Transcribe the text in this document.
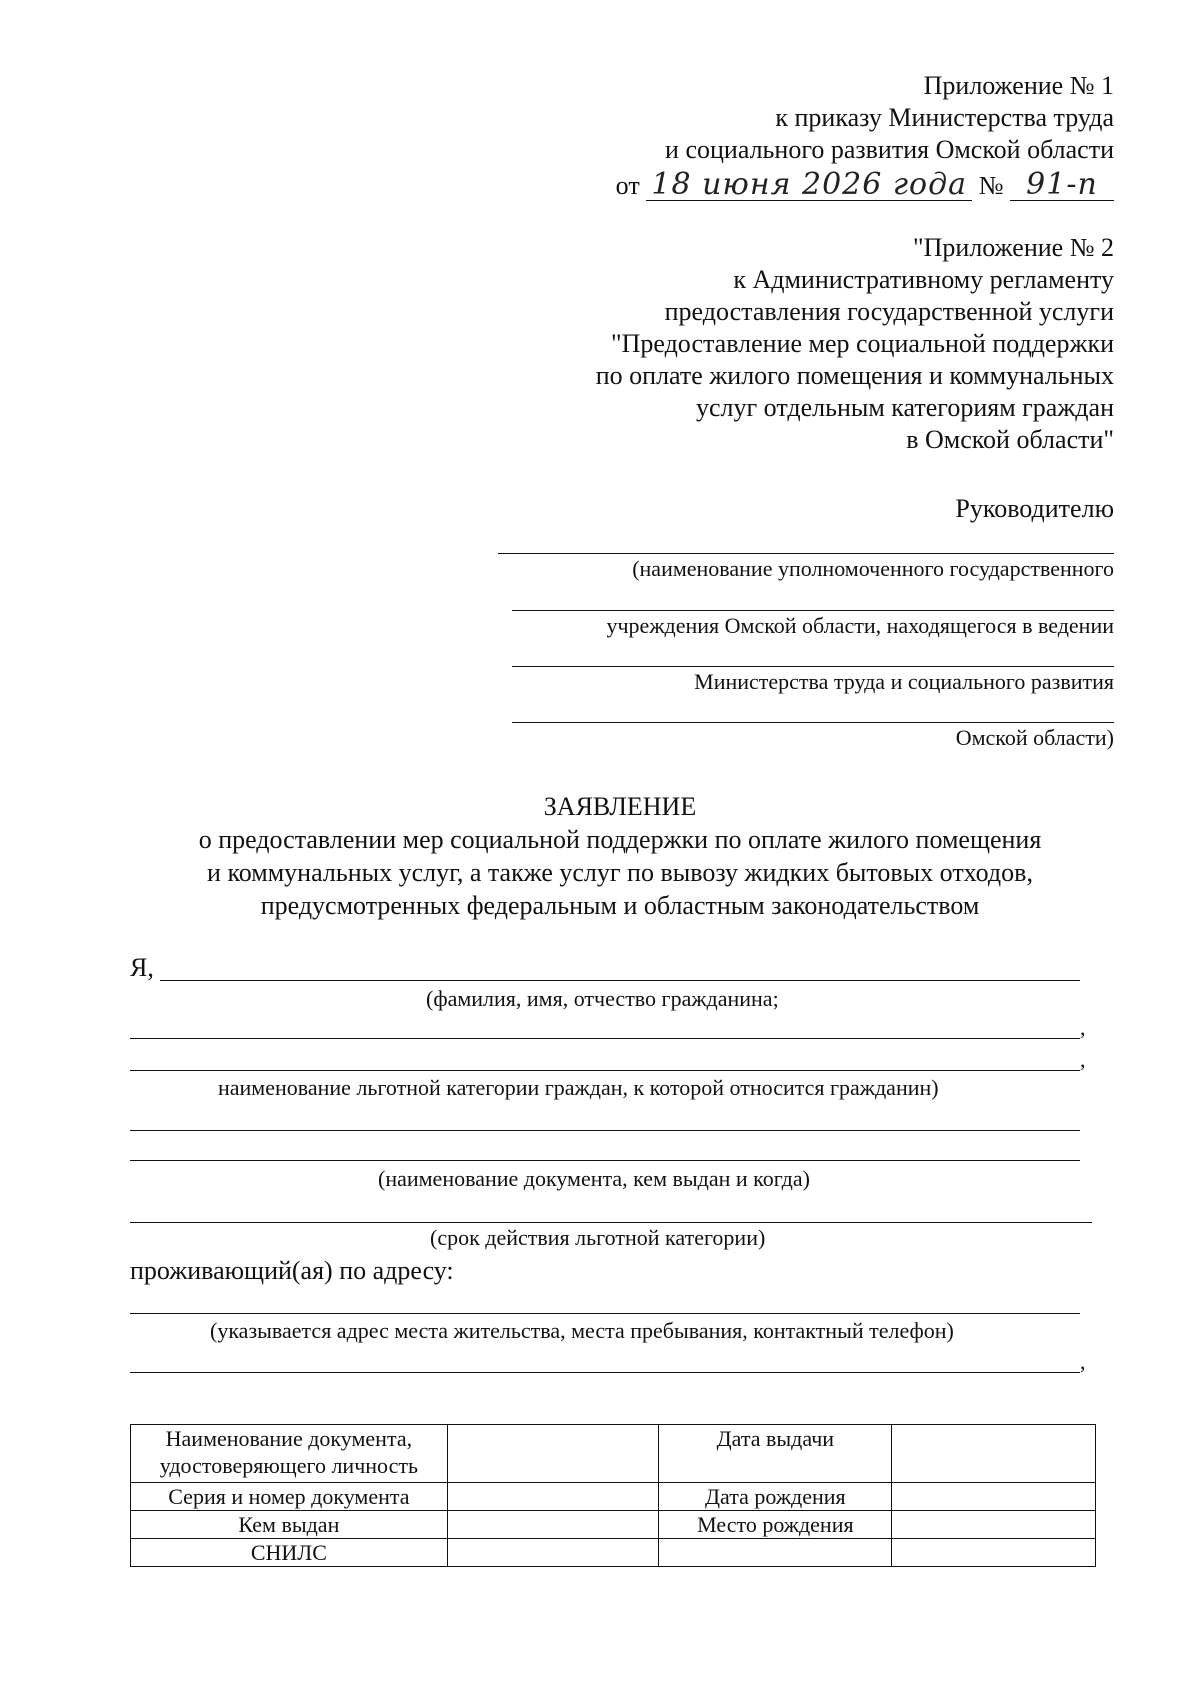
Приложение № 1
к приказу Министерства труда
и социального развития Омской области
от 18 июня 2026 года № 91-п
"Приложение № 2
к Административному регламенту
предоставления государственной услуги
"Предоставление мер социальной поддержки
по оплате жилого помещения и коммунальных
услуг отдельным категориям граждан
в Омской области"
Руководителю
(наименование уполномоченного государственного
учреждения Омской области, находящегося в ведении
Министерства труда и социального развития
Омской области)
ЗАЯВЛЕНИЕ
о предоставлении мер социальной поддержки по оплате жилого помещения
и коммунальных услуг, а также услуг по вывозу жидких бытовых отходов,
предусмотренных федеральным и областным законодательством
Я,
(фамилия, имя, отчество гражданина;
,
,
наименование льготной категории граждан, к которой относится гражданин)
(наименование документа, кем выдан и когда)
(срок действия льготной категории)
проживающий(ая) по адресу:
(указывается адрес места жительства, места пребывания, контактный телефон)
,
Наименование документа, удостоверяющего личность		Дата выдачи	
Серия и номер документа		Дата рождения	
Кем выдан		Место рождения	
СНИЛС			
